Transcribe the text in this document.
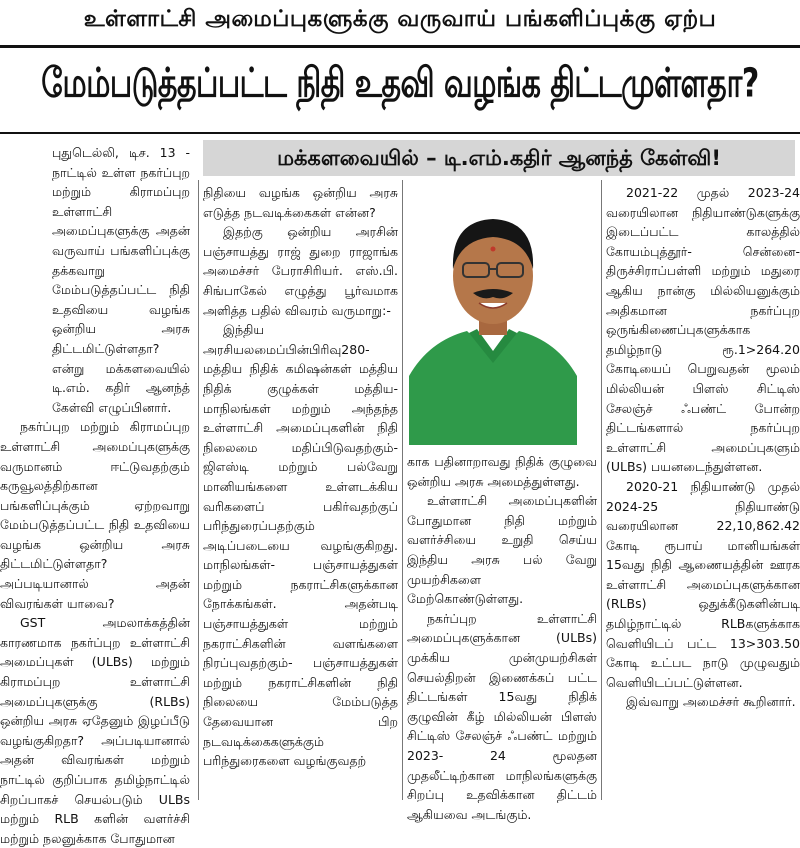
உள்ளாட்சி அமைப்புகளுக்கு வருவாய் பங்களிப்புக்கு ஏற்ப
மேம்படுத்தப்பட்ட நிதி உதவி வழங்க திட்டமுள்ளதா?
மக்களவையில் – டி.எம்.கதிர் ஆனந்த் கேள்வி!

புதுடெல்லி, டிச. 13 - நாட்டில் உள்ள நகர்ப்புற மற்றும் கிராமப்புற உள்ளாட்சி அமைப்புகளுக்கு அதன் வருவாய் பங்களிப்புக்கு தக்கவாறு மேம்படுத்தப்பட்ட நிதி உதவியை வழங்க ஒன்றிய அரசு திட்டமிட்டுள்ளதா? என்று மக்களவையில் டி.எம். கதிர் ஆனந்த் கேள்வி எழுப்பினார்.

நகர்ப்புற மற்றும் கிராமப்புற உள்ளாட்சி அமைப்புகளுக்கு வருமானம் ஈட்டுவதற்கும் கருவூலத்திற்கான பங்களிப்புக்கும் ஏற்றவாறு மேம்படுத்தப்பட்ட நிதி உதவியை வழங்க ஒன்றிய அரசு திட்டமிட்டுள்ளதா? அப்படியானால் அதன் விவரங்கள் யாவை?

GST அமலாக்கத்தின் காரணமாக நகர்ப்புற உள்ளாட்சி அமைப்புகள் (ULBs) மற்றும் கிராமப்புற உள்ளாட்சி அமைப்புகளுக்கு (RLBs) ஒன்றிய அரசு ஏதேனும் இழப்பீடு வழங்குகிறதா? அப்படியானால் அதன் விவரங்கள் மற்றும் நாட்டில் குறிப்பாக தமிழ்நாட்டில் சிறப்பாகச் செயல்படும் ULBs மற்றும் RLB களின் வளர்ச்சி மற்றும் நலனுக்காக போதுமான

நிதியை வழங்க ஒன்றிய அரசு எடுத்த நடவடிக்கைகள் என்ன?

இதற்கு ஒன்றிய அரசின் பஞ்சாயத்து ராஜ் துறை ராஜாங்க அமைச்சர் பேராசிரியர். எஸ்.பி. சிங்பாகேல் எழுத்து பூர்வமாக அளித்த பதில் விவரம் வருமாறு:-

இந்திய அரசியலமைப்பின்பிரிவு280-மத்திய நிதிக் கமிஷன்கள் மத்திய நிதிக் குழுக்கள் மத்திய- மாநிலங்கள் மற்றும் அந்தந்த உள்ளாட்சி அமைப்புகளின் நிதி நிலைமை மதிப்பிடுவதற்கும்- ஜிஎஸ்டி மற்றும் பல்வேறு மானியங்களை உள்ளடக்கிய வரிகளைப் பகிர்வதற்குப் பரிந்துரைப்பதற்கும் அடிப்படையை வழங்குகிறது. மாநிலங்கள்- பஞ்சாயத்துகள் மற்றும் நகராட்சிகளுக்கான நோக்கங்கள். அதன்படி பஞ்சாயத்துகள் மற்றும் நகராட்சிகளின் வளங்களை நிரப்புவதற்கும்- பஞ்சாயத்துகள் மற்றும் நகராட்சிகளின் நிதி நிலையை மேம்படுத்த தேவையான பிற நடவடிக்கைகளுக்கும் பரிந்துரைகளை வழங்குவதற்

காக பதினாறாவது நிதிக் குழுவை ஒன்றிய அரசு அமைத்துள்ளது.

உள்ளாட்சி அமைப்புகளின் போதுமான நிதி மற்றும் வளர்ச்சியை உறுதி செய்ய இந்திய அரசு பல் வேறு முயற்சிகளை மேற்கொண்டுள்ளது.

நகர்ப்புற உள்ளாட்சி அமைப்புகளுக்கான (ULBs) முக்கிய முன்முயற்சிகள் செயல்திறன் இணைக்கப் பட்ட திட்டங்கள் 15வது நிதிக் குழுவின் கீழ் மில்லியன் பிளஸ் சிட்டிஸ் சேலஞ்ச் ஃபண்ட் மற்றும் 2023- 24 மூலதன முதலீட்டிற்கான மாநிலங்களுக்கு சிறப்பு உதவிக்கான திட்டம் ஆகியவை அடங்கும்.

2021-22 முதல் 2023-24 வரையிலான நிதியாண்டுகளுக்கு இடைப்பட்ட காலத்தில் கோயம்புத்தூர்- சென்னை- திருச்சிராப்பள்ளி மற்றும் மதுரை ஆகிய நான்கு மில்லியனுக்கும் அதிகமான நகர்ப்புற ஒருங்கிணைப்புகளுக்காக தமிழ்நாடு ரூ.1>264.20 கோடியைப் பெறுவதன் மூலம் மில்லியன் பிளஸ் சிட்டிஸ் சேலஞ்ச் ஃபண்ட் போன்ற திட்டங்களால் நகர்ப்புற உள்ளாட்சி அமைப்புகளும் (ULBs) பயனடைந்துள்ளன.

2020-21 நிதியாண்டு முதல் 2024-25 நிதியாண்டு வரையிலான 22,10,862.42 கோடி ரூபாய் மானியங்கள் 15வது நிதி ஆணையத்தின் ஊரக உள்ளாட்சி அமைப்புகளுக்கான (RLBs) ஒதுக்கீடுகளின்படி தமிழ்நாட்டில் RLBகளுக்காக வெளியிடப் பட்ட 13>303.50 கோடி உட்பட நாடு முழுவதும் வெளியிடப்பட்டுள்ளன.

இவ்வாறு அமைச்சர் கூறினார்.
